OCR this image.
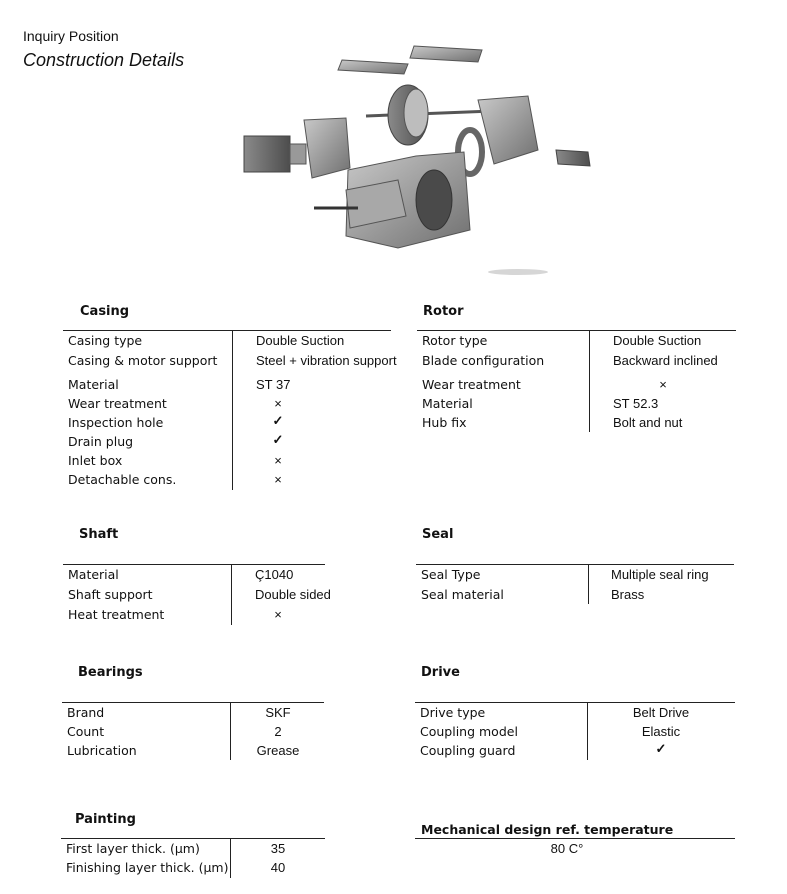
Inquiry Position
Construction Details
Casing
Casing type	Double Suction
Casing & motor support	Steel + vibration support
Material	ST 37
Wear treatment	×
Inspection hole	✓
Drain plug	✓
Inlet box	×
Detachable cons.	×
Rotor
Rotor type	Double Suction
Blade configuration	Backward inclined
Wear treatment	×
Material	ST 52.3
Hub fix	Bolt and nut
Shaft
Material	Ç1040
Shaft support	Double sided
Heat treatment	×
Seal
Seal Type	Multiple seal ring
Seal material	Brass
Bearings
Brand	SKF
Count	2
Lubrication	Grease
Drive
Drive type	Belt Drive
Coupling model	Elastic
Coupling guard	✓
Painting
First layer thick. (µm)	35
Finishing layer thick. (µm)	40
Mechanical design ref. temperature
80 C°
